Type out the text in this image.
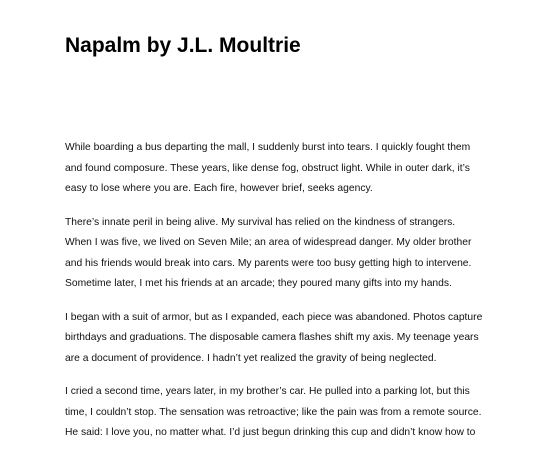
Napalm by J.L. Moultrie

While boarding a bus departing the mall, I suddenly burst into tears. I quickly fought them and found composure. These years, like dense fog, obstruct light. While in outer dark, it’s easy to lose where you are. Each fire, however brief, seeks agency.

There’s innate peril in being alive. My survival has relied on the kindness of strangers. When I was five, we lived on Seven Mile; an area of widespread danger. My older brother and his friends would break into cars. My parents were too busy getting high to intervene. Sometime later, I met his friends at an arcade; they poured many gifts into my hands.

I began with a suit of armor, but as I expanded, each piece was abandoned. Photos capture birthdays and graduations. The disposable camera flashes shift my axis. My teenage years are a document of providence. I hadn’t yet realized the gravity of being neglected.

I cried a second time, years later, in my brother’s car. He pulled into a parking lot, but this time, I couldn’t stop. The sensation was retroactive; like the pain was from a remote source. He said: I love you, no matter what. I’d just begun drinking this cup and didn’t know how to
